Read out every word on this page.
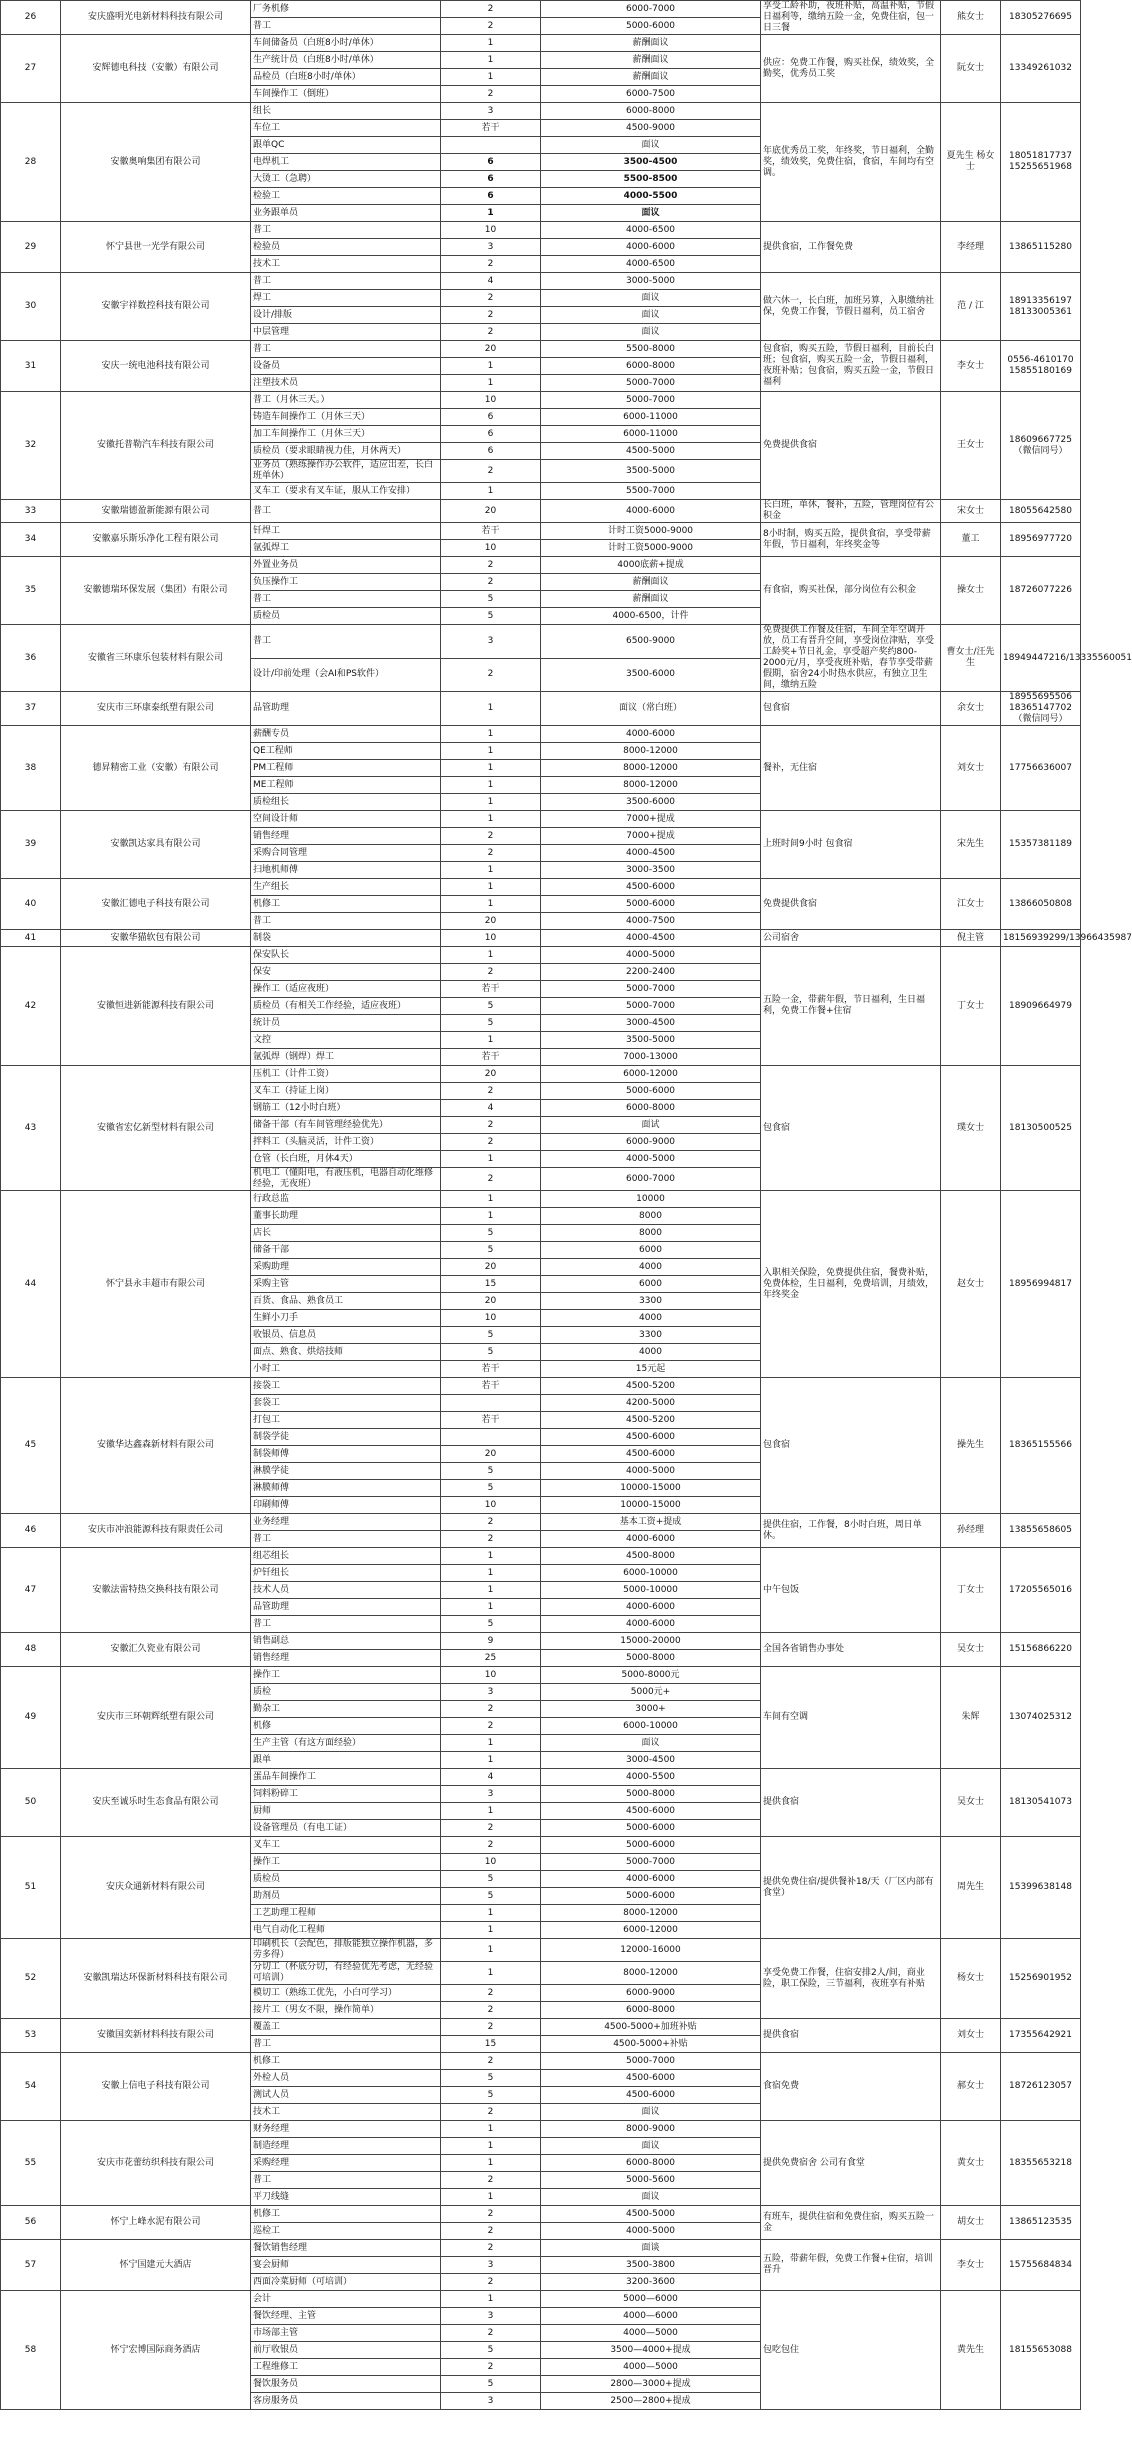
26	安庆盛明光电新材料科技有限公司	厂务机修	2	6000-7000	享受工龄补助，夜班补贴，高温补贴，节假日福利等，缴纳五险一金，免费住宿，包一日三餐	熊女士	18305276695
		普工	2	5000-6000			
27	安辉德电科技（安徽）有限公司	车间储备员（白班8小时/单休）	1	薪酬面议	供应：免费工作餐，购买社保，绩效奖，全勤奖，优秀员工奖	阮女士	13349261032
		生产统计员（白班8小时/单休）	1	薪酬面议			
		品检员（白班8小时/单休）	1	薪酬面议			
		车间操作工（倒班）	2	6000-7500			
28	安徽奥响集团有限公司	组长	3	6000-8000	年底优秀员工奖，年终奖，节日福利，全勤奖，绩效奖，免费住宿，食宿，车间均有空调。	夏先生 杨女士	18051817737 15255651968
		车位工	若干	4500-9000			
		跟单QC		面议			
		电焊机工	6	3500-4500			
		大烫工（急聘）	6	5500-8500			
		检验工	6	4000-5500			
		业务跟单员	1	面议			
29	怀宁县世一光学有限公司	普工	10	4000-6500	提供食宿，工作餐免费	李经理	13865115280
		检验员	3	4000-6000			
		技术工	2	4000-6500			
30	安徽宇祥数控科技有限公司	普工	4	3000-5000	做六休一，长白班，加班另算，入职缴纳社保，免费工作餐，节假日福利，员工宿舍	范 / 江	18913356197 18133005361
		焊工	2	面议			
		设计/排版	2	面议			
		中层管理	2	面议			
31	安庆一统电池科技有限公司	普工	20	5500-8000	包食宿，购买五险，节假日福利，目前长白班；包食宿，购买五险一金，节假日福利，夜班补贴；包食宿，购买五险一金，节假日福利	李女士	0556-4610170 15855180169
		设备员	1	6000-8000			
		注塑技术员	1	5000-7000			
32	安徽托普勒汽车科技有限公司	普工（月休三天。）	10	5000-7000	免费提供食宿	王女士	18609667725（微信同号）
		铸造车间操作工（月休三天）	6	6000-11000			
		加工车间操作工（月休三天）	6	6000-11000			
		质检员（要求眼睛视力佳，月休两天）	6	4500-5000			
		业务员（熟练操作办公软件，适应出差，长白班单休）	2	3500-5000			
		叉车工（要求有叉车证，服从工作安排）	1	5500-7000			
33	安徽瑞德盈新能源有限公司	普工	20	4000-6000	长白班，单休，餐补，五险，管理岗位有公积金	宋女士	18055642580
34	安徽嘉乐斯乐净化工程有限公司	钎焊工	若干	计时工资5000-9000	8小时制，购买五险，提供食宿，享受带薪年假，节日福利，年终奖金等	董工	18956977720
		氩弧焊工	10	计时工资5000-9000			
35	安徽德瑞环保发展（集团）有限公司	外置业务员	2	4000底薪+提成	有食宿，购买社保，部分岗位有公积金	操女士	18726077226
		负压操作工	2	薪酬面议			
		普工	5	薪酬面议			
		质检员	5	4000-6500，计件			
36	安徽省三环康乐包装材料有限公司	普工	3	6500-9000	免费提供工作餐及住宿，车间全年空调开放，员工有晋升空间，享受岗位津贴，享受工龄奖+节日礼金，享受超产奖约800-2000元/月，享受夜班补贴，春节享受带薪假期，宿舍24小时热水供应，有独立卫生间，缴纳五险	曹女士/汪先生	18949447216/13335560051
		设计/印前处理（会AI和PS软件）	2	3500-6000			
37	安庆市三环康泰纸塑有限公司	品管助理	1	面议（常白班）	包食宿	余女士	18955695506 18365147702（微信同号）
38	德昇精密工业（安徽）有限公司	薪酬专员	1	4000-6000	餐补，无住宿	刘女士	17756636007
		QE工程师	1	8000-12000			
		PM工程师	1	8000-12000			
		ME工程师	1	8000-12000			
		质检组长	1	3500-6000			
39	安徽凯达家具有限公司	空间设计师	1	7000+提成	上班时间9小时 包食宿	宋先生	15357381189
		销售经理	2	7000+提成			
		采购合同管理	2	4000-4500			
		扫地机师傅	1	3000-3500			
40	安徽汇德电子科技有限公司	生产组长	1	4500-6000	免费提供食宿	江女士	13866050808
		机修工	1	5000-6000			
		普工	20	4000-7500			
41	安徽华猫软包有限公司	制袋	10	4000-4500	公司宿舍	倪主管	18156939299/13966435987
42	安徽恒进新能源科技有限公司	保安队长	1	4000-5000	五险一金，带薪年假，节日福利，生日福利，免费工作餐+住宿	丁女士	18909664979
		保安	2	2200-2400			
		操作工（适应夜班）	若干	5000-7000			
		质检员（有相关工作经验，适应夜班）	5	5000-7000			
		统计员	5	3000-4500			
		文控	1	3500-5000			
		氩弧焊（钢焊）焊工	若干	7000-13000			
43	安徽省宏亿新型材料有限公司	压机工（计件工资）	20	6000-12000	包食宿	璞女士	18130500525
		叉车工（持证上岗）	2	5000-6000			
		钢筋工（12小时白班）	4	6000-8000			
		储备干部（有车间管理经验优先）	2	面试			
		拌料工（头脑灵活，计件工资）	2	6000-9000			
		仓管（长白班，月休4天）	1	4000-5000			
		机电工（懂阳电，有液压机，电器自动化维修经验，无夜班）	2	6000-7000			
44	怀宁县永丰超市有限公司	行政总监	1	10000	入职相关保险，免费提供住宿，餐费补贴，免费体检，生日福利，免费培训，月绩效，年终奖金	赵女士	18956994817
		董事长助理	1	8000			
		店长	5	8000			
		储备干部	5	6000			
		采购助理	20	4000			
		采购主管	15	6000			
		百货、食品、熟食员工	20	3300			
		生鲜小刀手	10	4000			
		收银员、信息员	5	3300			
		面点、熟食、烘焙技师	5	4000			
		小时工	若干	15元起			
45	安徽华达鑫森新材料有限公司	接袋工	若干	4500-5200	包食宿	操先生	18365155566
		套袋工		4200-5000			
		打包工	若干	4500-5200			
		制袋学徒		4500-6000			
		制袋师傅	20	4500-6000			
		淋膜学徒	5	4000-5000			
		淋膜师傅	5	10000-15000			
		印刷师傅	10	10000-15000			
46	安庆市冲浪能源科技有限责任公司	业务经理	2	基本工资+提成	提供住宿，工作餐，8小时白班，周日单休。	孙经理	13855658605
		普工	2	4000-6000			
47	安徽法雷特热交换科技有限公司	组芯组长	1	4500-8000	中午包饭	丁女士	17205565016
		炉钎组长	1	6000-10000			
		技术人员	1	5000-10000			
		品管助理	1	4000-6000			
		普工	5	4000-6000			
48	安徽汇久瓷业有限公司	销售副总	9	15000-20000	全国各省销售办事处	吴女士	15156866220
		销售经理	25	5000-8000			
49	安庆市三环朝辉纸塑有限公司	操作工	10	5000-8000元	车间有空调	朱辉	13074025312
		质检	3	5000元+			
		勤杂工	2	3000+			
		机修	2	6000-10000			
		生产主管（有这方面经验）	1	面议			
		跟单	1	3000-4500			
50	安庆至诚乐时生态食品有限公司	蛋品车间操作工	4	4000-5500	提供食宿	吴女士	18130541073
		饲料粉碎工	3	5000-8000			
		厨师	1	4500-6000			
		设备管理员（有电工证）	2	5000-6000			
51	安庆众通新材料有限公司	叉车工	2	5000-6000	提供免费住宿/提供餐补18/天（厂区内部有食堂）	周先生	15399638148
		操作工	10	5000-7000			
		质检员	5	4000-6000			
		助剂员	5	5000-6000			
		工艺助理工程师	1	8000-12000			
		电气自动化工程师	1	6000-12000			
52	安徽凯瑞达环保新材料科技有限公司	印刷机长（会配色，排版能独立操作机器，多劳多得）	1	12000-16000	享受免费工作餐，住宿安排2人/间，商业险，职工保险，三节福利，夜班享有补贴	杨女士	15256901952
		分切工（杯底分切，有经验优先考虑，无经验可培训）	1	8000-12000			
		模切工（熟练工优先，小白可学习）	2	6000-9000			
		接片工（男女不限，操作简单）	2	6000-8000			
53	安徽国奕新材料科技有限公司	覆盖工	2	4500-5000+加班补贴	提供食宿	刘女士	17355642921
		普工	15	4500-5000+补贴			
54	安徽上信电子科技有限公司	机修工	2	5000-7000	食宿免费	郝女士	18726123057
		外检人员	5	4500-6000			
		测试人员	5	4500-6000			
		技术工	2	面议			
55	安庆市花蕾纺织科技有限公司	财务经理	1	8000-9000	提供免费宿舍 公司有食堂	黄女士	18355653218
		制造经理	1	面议			
		采购经理	1	6000-8000			
		普工	2	5000-5600			
		平刀线缝	1	面议			
56	怀宁上峰水泥有限公司	机修工	2	4500-5000	有班车，提供住宿和免费住宿，购买五险一金	胡女士	13865123535
		巡检工	2	4000-5000			
57	怀宁国建元大酒店	餐饮销售经理	2	面谈	五险，带薪年假，免费工作餐+住宿，培训晋升	李女士	15755684834
		宴会厨师	3	3500-3800			
		西面冷菜厨师（可培训）	2	3200-3600			
58	怀宁宏博国际商务酒店	会计	1	5000—6000	包吃包住	黄先生	18155653088
		餐饮经理、主管	3	4000—6000			
		市场部主管	2	4000—5000			
		前厅收银员	5	3500—4000+提成			
		工程维修工	2	4000—5000			
		餐饮服务员	5	2800—3000+提成			
		客房服务员	3	2500—2800+提成			
